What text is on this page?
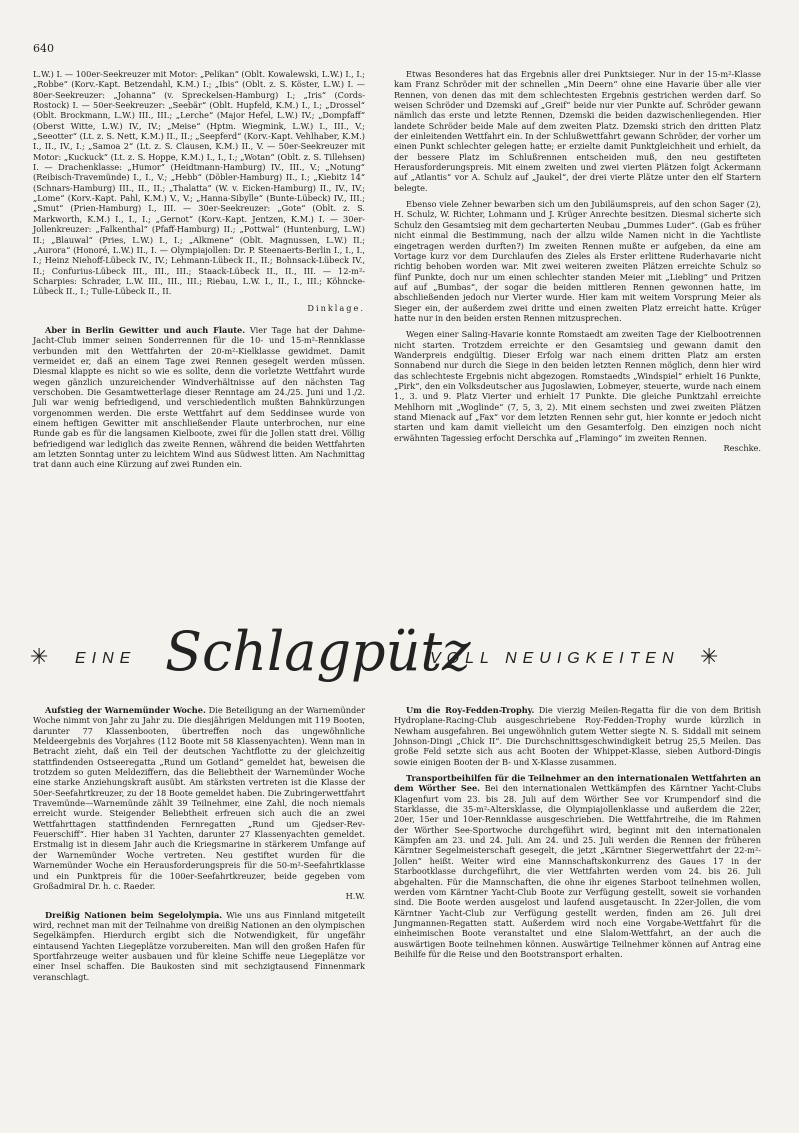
640

L.W.) I. — 100er-Seekreuzer mit Motor: „Pelikan“ (Oblt. Kowalewski, L.W.) I., I.; „Robbe“ (Korv.-Kapt. Betzendahl, K.M.) I.; „Ibis“ (Oblt. z. S. Köster, L.W.) I. — 80er-Seekreuzer: „Johanna“ (v. Spreckelsen-Hamburg) I.; „Iris“ (Cords-Rostock) I. — 50er-Seekreuzer: „Seebär“ (Oblt. Hupfeld, K.M.) I., I.; „Drossel“ (Oblt. Brockmann, L.W.) III., III.; „Lerche“ (Major Hefel, L.W.) IV.; „Dompfaff“ (Oberst Witte, L.W.) IV., IV.; „Meise“ (Hptm. Wiegmink, L.W.) I., III., V.; „Seeotter“ (Lt. z. S. Nett, K.M.) II., II.; „Seepferd“ (Korv.-Kapt. Vehlhaber, K.M.) I., II., IV., I.; „Samoa 2“ (Lt. z. S. Clausen, K.M.) II., V. — 50er-Seekreuzer mit Motor: „Kuckuck“ (Lt. z. S. Hoppe, K.M.) I., I., I.; „Wotan“ (Oblt. z. S. Tillehsen) I. — Drachenklasse: „Humor“ (Heidtmann-Hamburg) IV., III., V.; „Notung“ (Reibisch-Travemünde) I., I., V.; „Hebb“ (Döbler-Hamburg) II., I.; „Kiebitz 14“ (Schnars-Hamburg) III., II., II.; „Thalatta“ (W. v. Eicken-Hamburg) II., IV., IV.; „Lome“ (Korv.-Kapt. Pahl, K.M.) V., V.; „Hanna-Sibylle“ (Bunte-Lübeck) IV., III.; „Smut“ (Prien-Hamburg) I., III. — 30er-Seekreuzer: „Gote“ (Oblt. z. S. Markworth, K.M.) I., I., I.; „Gernot“ (Korv.-Kapt. Jentzen, K.M.) I. — 30er-Jollenkreuzer: „Falkenthal“ (Pfaff-Hamburg) II.; „Pottwal“ (Huntenburg, L.W.) II.; „Blauwal“ (Pries, L.W.) I., I.; „Alkmene“ (Oblt. Magnussen, L.W.) II.; „Aurora“ (Honoré, L.W.) II., I. — Olympiajollen: Dr. P. Steenaerts-Berlin I., I., I., I.; Heinz Niehoff-Lübeck IV., IV.; Lehmann-Lübeck II., II.; Bohnsack-Lübeck IV., II.; Confurius-Lübeck III., III., III.; Staack-Lübeck II., II., III. — 12-m²-Scharpies: Schrader, L.W. III., III., III.; Riebau, L.W. I., II., I., III.; Köhncke-Lübeck II., I.; Tulle-Lübeck II., II.

Dinklage.

Aber in Berlin Gewitter und auch Flaute. Vier Tage hat der Dahme-Jacht-Club immer seinen Sonderrennen für die 10- und 15-m²-Rennklasse verbunden mit den Wettfahrten der 20-m²-Kielklasse gewidmet. Damit vermeidet er, daß an einem Tage zwei Rennen gesegelt werden müssen. Diesmal klappte es nicht so wie es sollte, denn die vorletzte Wettfahrt wurde wegen gänzlich unzureichender Windverhältnisse auf den nächsten Tag verschoben. Die Gesamtwetterlage dieser Renntage am 24./25. Juni und 1./2. Juli war wenig befriedigend, und verschiedentlich mußten Bahnkürzungen vorgenommen werden. Die erste Wettfahrt auf dem Seddinsee wurde von einem heftigen Gewitter mit anschließender Flaute unterbrochen, nur eine Runde gab es für die langsamen Kielboote, zwei für die Jollen statt drei. Völlig befriedigend war lediglich das zweite Rennen, während die beiden Wettfahrten am letzten Sonntag unter zu leichtem Wind aus Südwest litten. Am Nachmittag trat dann auch eine Kürzung auf zwei Runden ein.

Etwas Besonderes hat das Ergebnis aller drei Punktsieger. Nur in der 15-m²-Klasse kam Franz Schröder mit der schnellen „Min Deern“ ohne eine Havarie über alle vier Rennen, von denen das mit dem schlechtesten Ergebnis gestrichen werden darf. So weisen Schröder und Dzemski auf „Greif“ beide nur vier Punkte auf. Schröder gewann nämlich das erste und letzte Rennen, Dzemski die beiden dazwischenliegenden. Hier landete Schröder beide Male auf dem zweiten Platz. Dzemski strich den dritten Platz der einleitenden Wettfahrt ein. In der Schlußwettfahrt gewann Schröder, der vorher um einen Punkt schlechter gelegen hatte; er erzielte damit Punktgleichheit und erhielt, da der bessere Platz im Schlußrennen entscheiden muß, den neu gestifteten Herausforderungspreis. Mit einem zweiten und zwei vierten Plätzen folgt Ackermann auf „Atlantis“ vor A. Schulz auf „Jaukel“, der drei vierte Plätze unter den elf Startern belegte.

Ebenso viele Zehner bewarben sich um den Jubiläumspreis, auf den schon Sager (2), H. Schulz, W. Richter, Lohmann und J. Krüger Anrechte besitzen. Diesmal sicherte sich Schulz den Gesamtsieg mit dem gecharterten Neubau „Dummes Luder“. (Gab es früher nicht einmal die Bestimmung, nach der allzu wilde Namen nicht in die Yachtliste eingetragen werden durften?) Im zweiten Rennen mußte er aufgeben, da eine am Vortage kurz vor dem Durchlaufen des Zieles als Erster erlittene Ruderhavarie nicht richtig behoben worden war. Mit zwei weiteren zweiten Plätzen erreichte Schulz so fünf Punkte, doch nur um einen schlechter standen Meier mit „Liebling“ und Pritzen auf auf „Bumbas“, der sogar die beiden mittleren Rennen gewonnen hatte, im abschließenden jedoch nur Vierter wurde. Hier kam mit weitem Vorsprung Meier als Sieger ein, der außerdem zwei dritte und einen zweiten Platz erreicht hatte. Krüger hatte nur in den beiden ersten Rennen mitzusprechen.

Wegen einer Saling-Havarie konnte Romstaedt am zweiten Tage der Kielbootrennen nicht starten. Trotzdem erreichte er den Gesamtsieg und gewann damit den Wanderpreis endgültig. Dieser Erfolg war nach einem dritten Platz am ersten Sonnabend nur durch die Siege in den beiden letzten Rennen möglich, denn hier wird das schlechteste Ergebnis nicht abgezogen. Romstaedts „Windspiel“ erhielt 16 Punkte, „Pirk“, den ein Volksdeutscher aus Jugoslawien, Lobmeyer, steuerte, wurde nach einem 1., 3. und 9. Platz Vierter und erhielt 17 Punkte. Die gleiche Punktzahl erreichte Mehlhorn mit „Woglinde“ (7, 5, 3, 2). Mit einem sechsten und zwei zweiten Plätzen stand Mienack auf „Fax“ vor dem letzten Rennen sehr gut, hier konnte er jedoch nicht starten und kam damit vielleicht um den Gesamterfolg. Den einzigen noch nicht erwähnten Tagessieg erfocht Derschka auf „Flamingo“ im zweiten Rennen.

Reschke.
✳ EINE Schlagpütz
VOLL NEUIGKEITEN ✳

Aufstieg der Warnemünder Woche. Die Beteiligung an der Warnemünder Woche nimmt von Jahr zu Jahr zu. Die diesjährigen Meldungen mit 119 Booten, darunter 77 Klassenbooten, übertreffen noch das ungewöhnliche Meldeergebnis des Vorjahres (112 Boote mit 58 Klassenyachten). Wenn man in Betracht zieht, daß ein Teil der deutschen Yachtflotte zu der gleichzeitig stattfindenden Ostseeregatta „Rund um Gotland“ gemeldet hat, beweisen die trotzdem so guten Meldeziffern, das die Beliebtheit der Warnemünder Woche eine starke Anziehungskraft ausübt. Am stärksten vertreten ist die Klasse der 50er-Seefahrtkreuzer, zu der 18 Boote gemeldet haben. Die Zubringerwettfahrt Travemünde—Warnemünde zählt 39 Teilnehmer, eine Zahl, die noch niemals erreicht wurde. Steigender Beliebtheit erfreuen sich auch die an zwei Wettfahrttagen stattfindenden Fernregatten „Rund um Gjedser-Rev-Feuerschiff“. Hier haben 31 Yachten, darunter 27 Klassenyachten gemeldet. Erstmalig ist in diesem Jahr auch die Kriegsmarine in stärkerem Umfange auf der Warnemünder Woche vertreten. Neu gestiftet wurden für die Warnemünder Woche ein Herausforderungspreis für die 50-m²-Seefahrtklasse und ein Punktpreis für die 100er-Seefahrtkreuzer, beide gegeben vom Großadmiral Dr. h. c. Raeder.

H.W.

Dreißig Nationen beim Segelolympia. Wie uns aus Finnland mitgeteilt wird, rechnet man mit der Teilnahme von dreißig Nationen an den olympischen Segelkämpfen. Hierdurch ergibt sich die Notwendigkeit, für ungefähr eintausend Yachten Liegeplätze vorzubereiten. Man will den großen Hafen für Sportfahrzeuge weiter ausbauen und für kleine Schiffe neue Liegeplätze vor einer Insel schaffen. Die Baukosten sind mit sechzigtausend Finnenmark veranschlagt.

Um die Roy-Fedden-Trophy. Die vierzig Meilen-Regatta für die von dem British Hydroplane-Racing-Club ausgeschriebene Roy-Fedden-Trophy wurde kürzlich in Newham ausgefahren. Bei ungewöhnlich gutem Wetter siegte N. S. Siddall mit seinem Johnson-Dingi „Chick II“. Die Durchschnittsgeschwindigkeit betrug 25,5 Meilen. Das große Feld setzte sich aus acht Booten der Whippet-Klasse, sieben Autbord-Dingis sowie einigen Booten der B- und X-Klasse zusammen.

Transportbeihilfen für die Teilnehmer an den internationalen Wettfahrten an dem Wörther See. Bei den internationalen Wettkämpfen des Kärntner Yacht-Clubs Klagenfurt vom 23. bis 28. Juli auf dem Wörther See vor Krumpendorf sind die Starklasse, die 35-m²-Altersklasse, die Olympiajollenklasse und außerdem die 22er, 20er, 15er und 10er-Rennklasse ausgeschrieben. Die Wettfahrtreihe, die im Rahmen der Wörther See-Sportwoche durchgeführt wird, beginnt mit den internationalen Kämpfen am 23. und 24. Juli. Am 24. und 25. Juli werden die Rennen der früheren Kärntner Segelmeisterschaft gesegelt, die jetzt „Kärntner Siegerwettfahrt der 22-m²-Jollen“ heißt. Weiter wird eine Mannschaftskonkurrenz des Gaues 17 in der Starbootklasse durchgeführt, die vier Wettfahrten werden vom 24. bis 26. Juli abgehalten. Für die Mannschaften, die ohne ihr eigenes Starboot teilnehmen wollen, werden vom Kärntner Yacht-Club Boote zur Verfügung gestellt, soweit sie vorhanden sind. Die Boote werden ausgelost und laufend ausgetauscht. In 22er-Jollen, die vom Kärntner Yacht-Club zur Verfügung gestellt werden, finden am 26. Juli drei Jungmannen-Regatten statt. Außerdem wird noch eine Vorgabe-Wettfahrt für die einheimischen Boote veranstaltet und eine Slalom-Wettfahrt, an der auch die auswärtigen Boote teilnehmen können. Auswärtige Teilnehmer können auf Antrag eine Beihilfe für die Reise und den Bootstransport erhalten.
